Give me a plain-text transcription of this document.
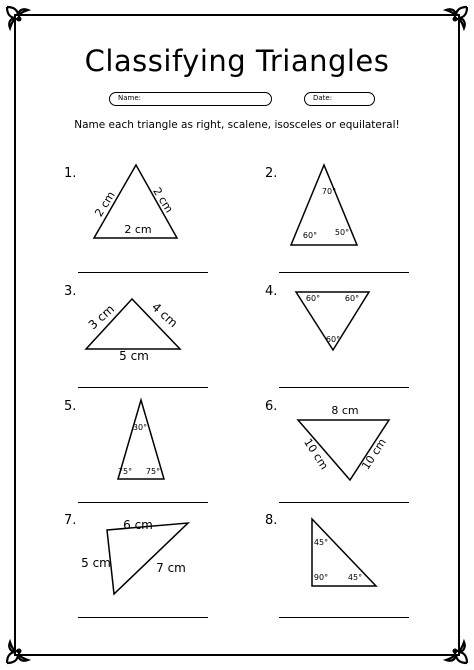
Classifying Triangles
Name:	Date:
Name each triangle as right, scalene, isosceles or equilateral!
1.	2.
3.	4.
5.	6.
7.	8.
2 cm	2 cm
2 cm
70°
60° 50°
3 cm	4 cm
5 cm
60°	60°
60°
30°
75° 75°
8 cm
10 cm	10 cm
6 cm
5 cm	7 cm
45°
90° 45°
